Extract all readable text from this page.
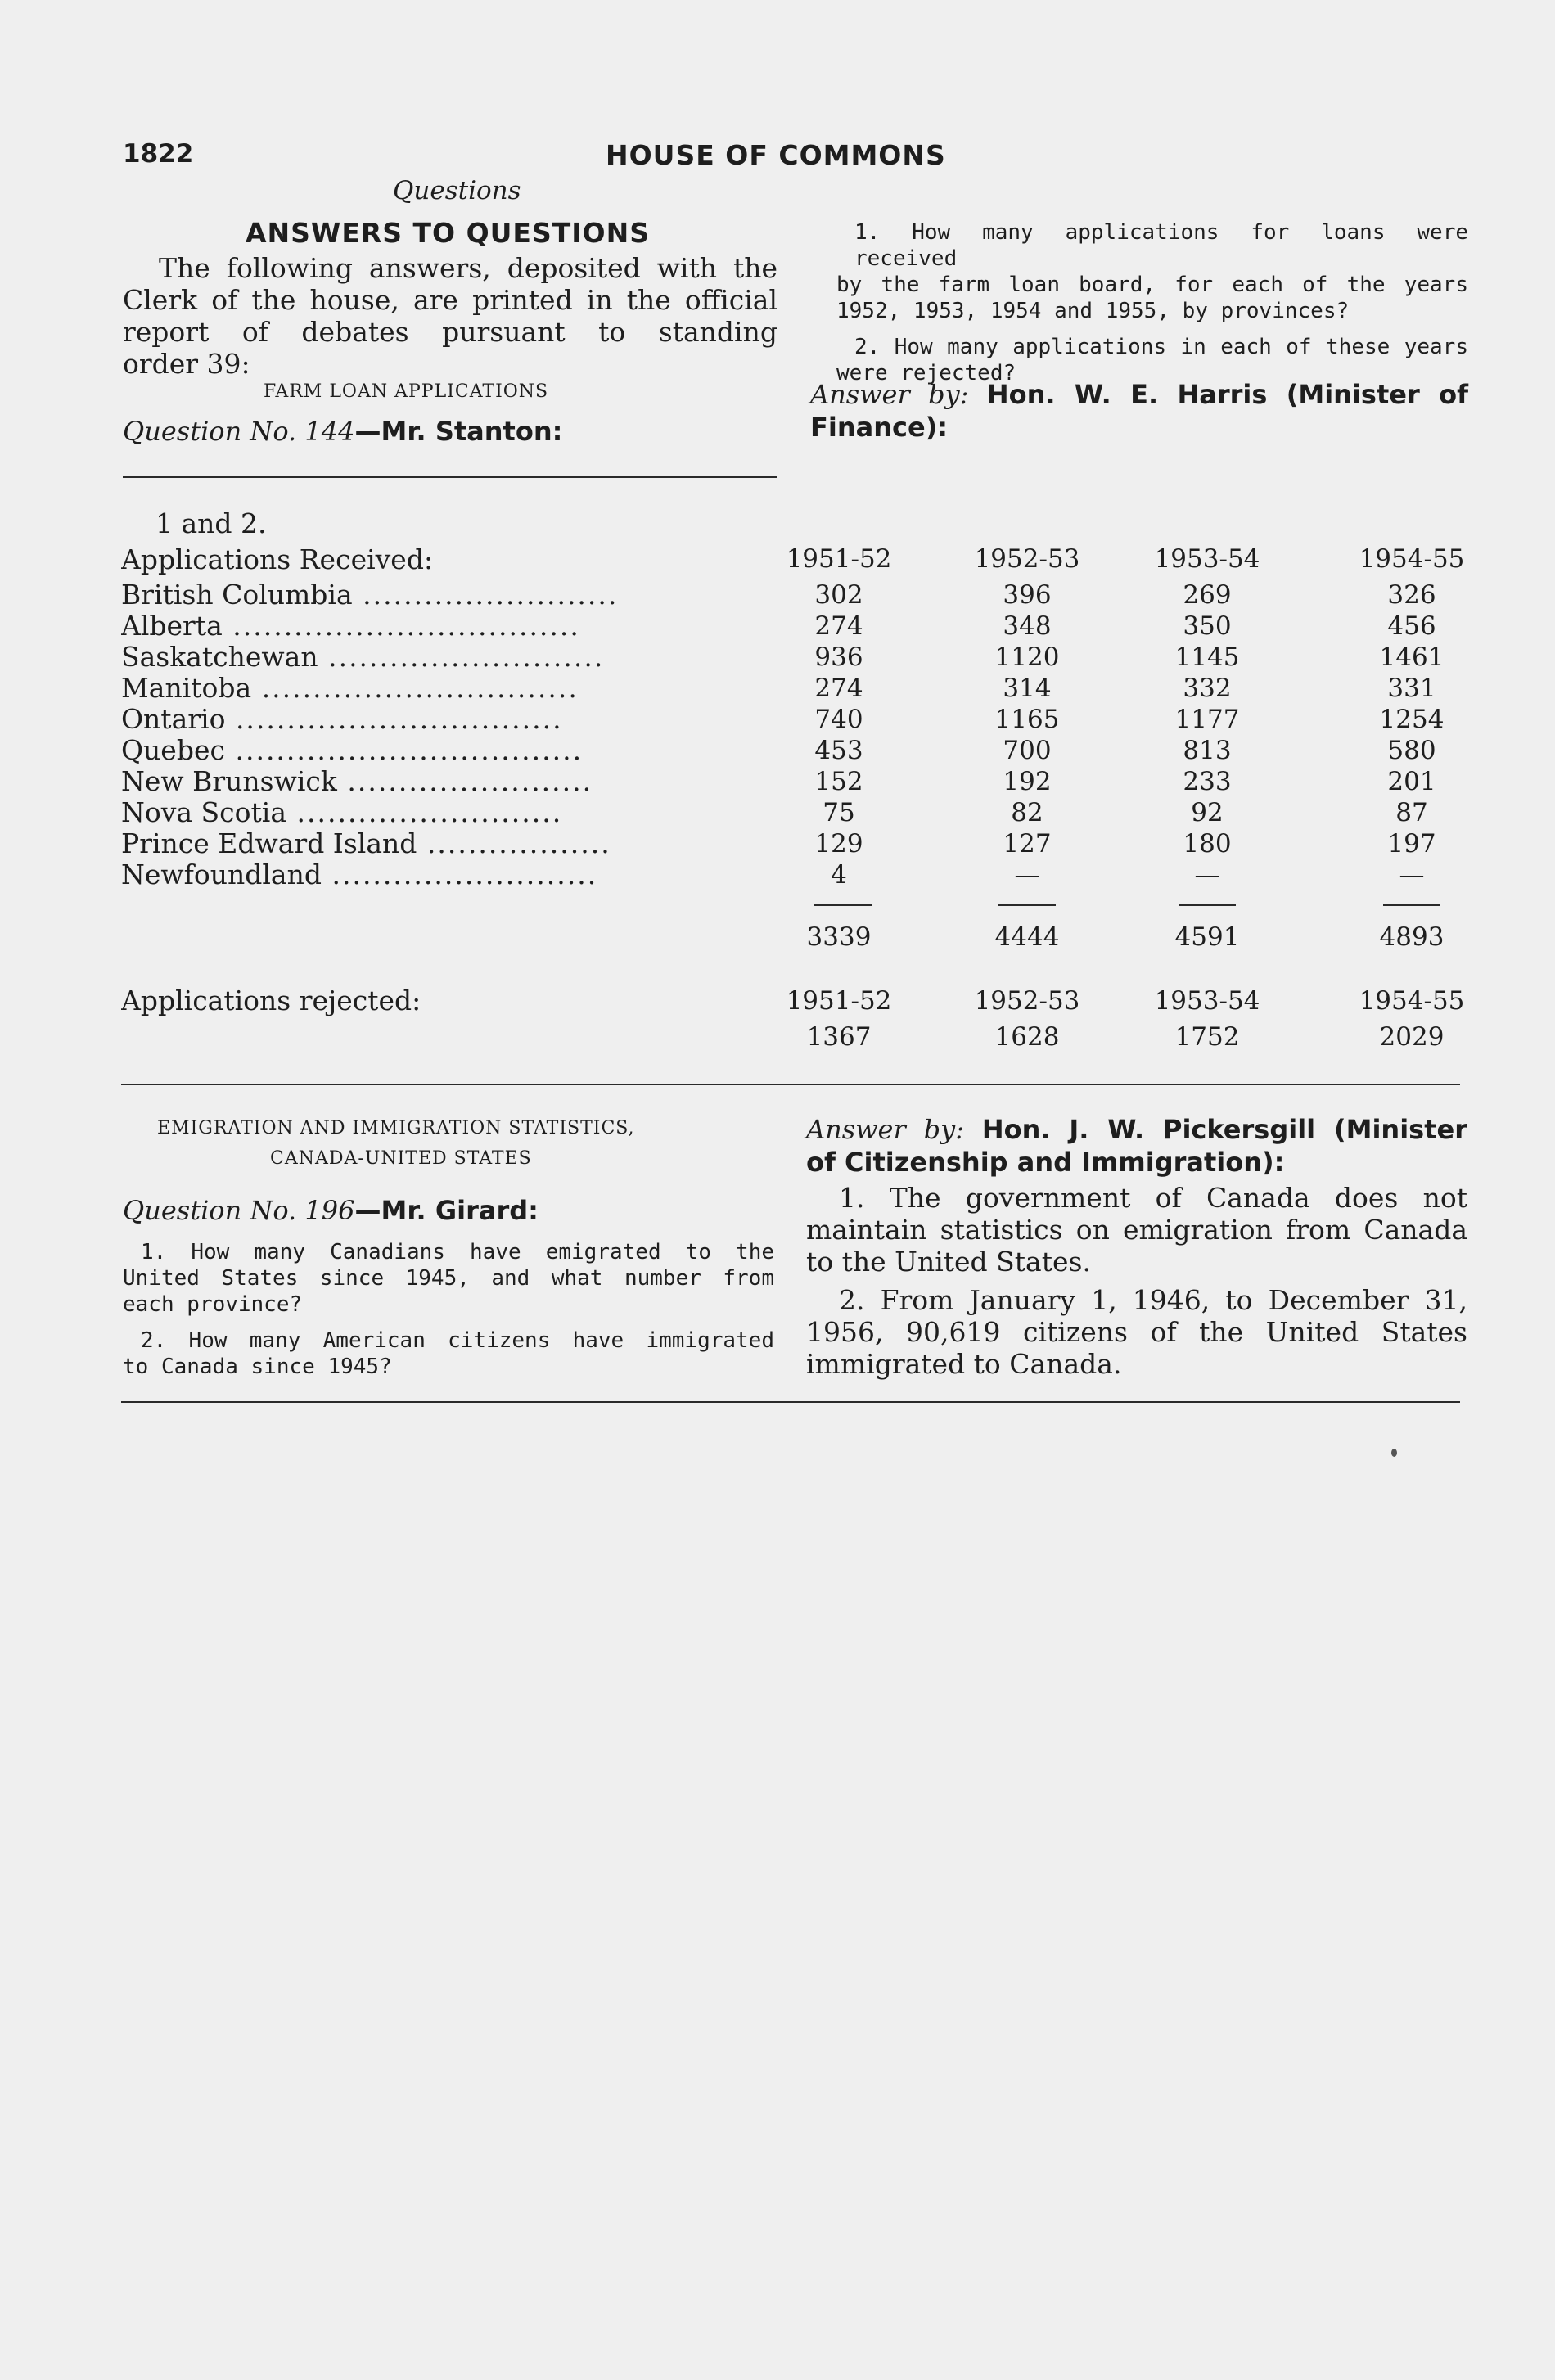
1822	HOUSE OF COMMONS

Questions

ANSWERS TO QUESTIONS

The following answers, deposited with the
Clerk of the house, are printed in the official
report of debates pursuant to standing
order 39:

FARM LOAN APPLICATIONS

Question No. 144—Mr. Stanton:

1. How many applications for loans were received
by the farm loan board, for each of the years
1952, 1953, 1954 and 1955, by provinces?
2. How many applications in each of these years
were rejected?
Answer by: Hon. W. E. Harris (Minister of
Finance):

1 and 2.

Applications Received:	1951-52	1952-53	1953-54	1954-55
British Columbia .........................	302	396	269	326
Alberta ..................................	274	348	350	456
Saskatchewan ...........................	936	1120	1145	1461
Manitoba ...............................	274	314	332	331
Ontario ................................	740	1165	1177	1254
Quebec ..................................	453	700	813	580
New Brunswick ........................	152	192	233	201
Nova Scotia ..........................	75	82	92	87
Prince Edward Island ..................	129	127	180	197
Newfoundland ..........................	4	—	—	—
3339	4444	4591	4893
Applications rejected:	1951-52	1952-53	1953-54	1954-55
1367	1628	1752	2029

EMIGRATION AND IMMIGRATION STATISTICS,

CANADA-UNITED STATES

Question No. 196—Mr. Girard:

1. How many Canadians have emigrated to the
United States since 1945, and what number from
each province?
2. How many American citizens have immigrated
to Canada since 1945?
Answer by: Hon. J. W. Pickersgill (Minister
of Citizenship and Immigration):
1. The government of Canada does not
maintain statistics on emigration from Canada
to the United States.
2. From January 1, 1946, to December 31,
1956, 90,619 citizens of the United States
immigrated to Canada.
